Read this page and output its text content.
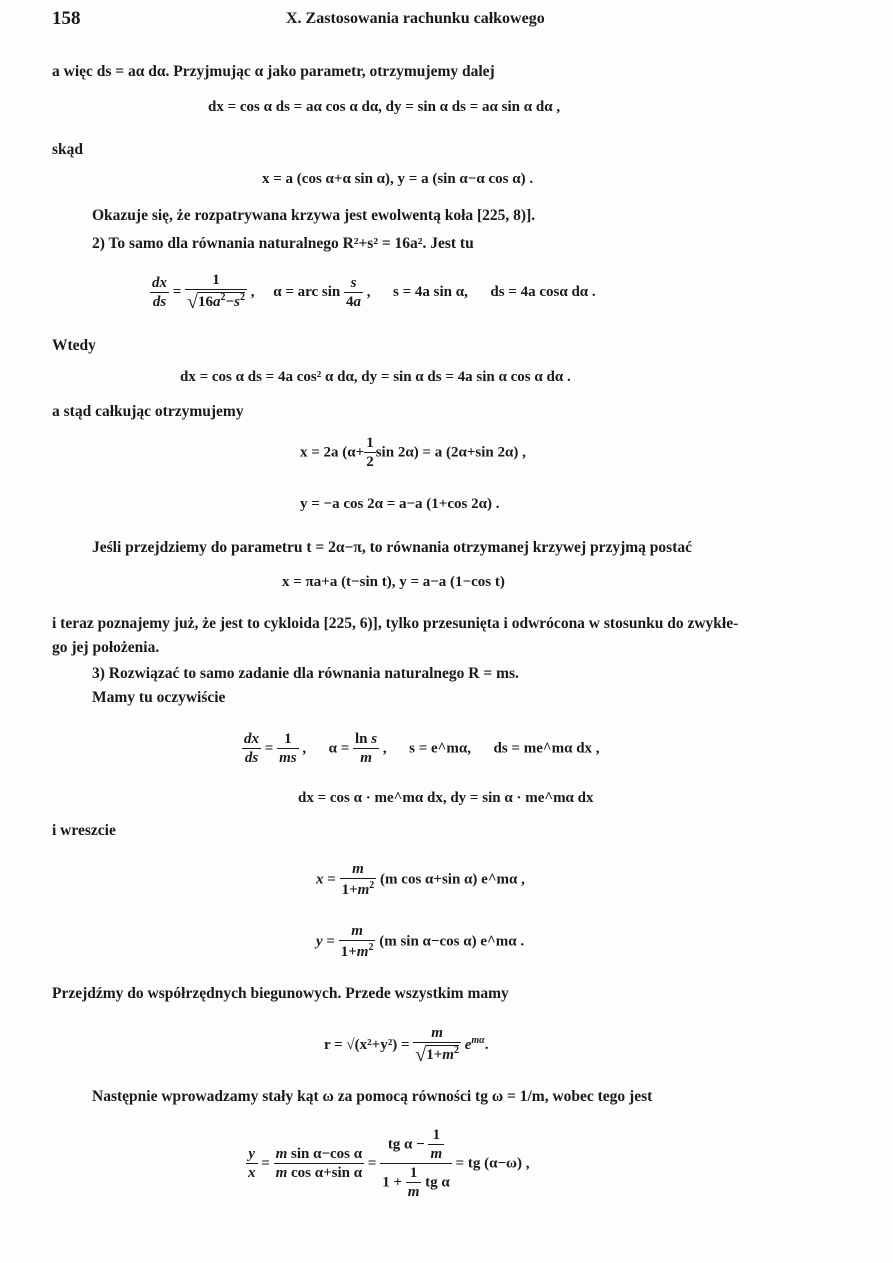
158	X. Zastosowania rachunku całkowego
a więc ds = aα dα. Przyjmując α jako parametr, otrzymujemy dalej
dx = cos α ds = aα cos α dα, dy = sin α ds = aα sin α dα ,
skąd
x = a (cos α+α sin α), y = a (sin α−α cos α) .
Okazuje się, że rozpatrywana krzywa jest ewolwentą koła [225, 8)].
2) To samo dla równania naturalnego R²+s² = 16a². Jest tu
$\frac{dx}{ds} = \frac{1}{√16a^2-s^2}$ ,     α = arc $\sin \frac{s}{4a}$ ,      s = 4a sin α, ds = 4a cosα dα .
Wtedy
dx = cos α ds = 4a cos² α dα, dy = sin α ds = 4a sin α cos α dα .
a stąd całkując otrzymujemy
x = 2a ($\alpha+ \frac{1}{2}$ sin 2α) = a (2α+sin 2α) ,
y = −a cos 2α = a−a (1+cos 2α) .
Jeśli przejdziemy do parametru t = 2α−π, to równania otrzymanej krzywej przyjmą postać
x = πa+a (t−sin t), y = a−a (1−cos t)
i teraz poznajemy już, że jest to cykloida [225, 6)], tylko przesunięta i odwrócona w stosunku do zwykłe-
go jej położenia.
3) Rozwiązać to samo zadanie dla równania naturalnego R = ms.
Mamy tu oczywiście
$\frac{dx}{ds} = \frac{1}{ms}$ ,      $\alpha = \frac{\text{ln s}}{m}$ ,      s = e^mα, ds = me^mα dx ,
dx = cos α · me^mα dx, dy = sin α · me^mα dx
i wreszcie
$x = \frac{m}{1+m^2} (m$ cos α+sin α) e^mα ,
$y = \frac{m}{1+m^2} (m$ sin α−cos α) e^mα .
Przejdźmy do współrzędnych biegunowych. Przede wszystkim mamy
$r = √(x^2+y^2) = \frac{m}{√1+m^2} e^{m\alpha}$.
Następnie wprowadzamy stały kąt ω za pomocą równości tg ω = 1/m, wobec tego jest
$\frac{y}{x} = \frac{\text{m sin α−cos α}}{\text{m cos α+sin α}} = \frac{tg \alpha - \frac{1}{m}}{1 + \frac{1}{m} tg \alpha}$ = tg (α−ω) ,
